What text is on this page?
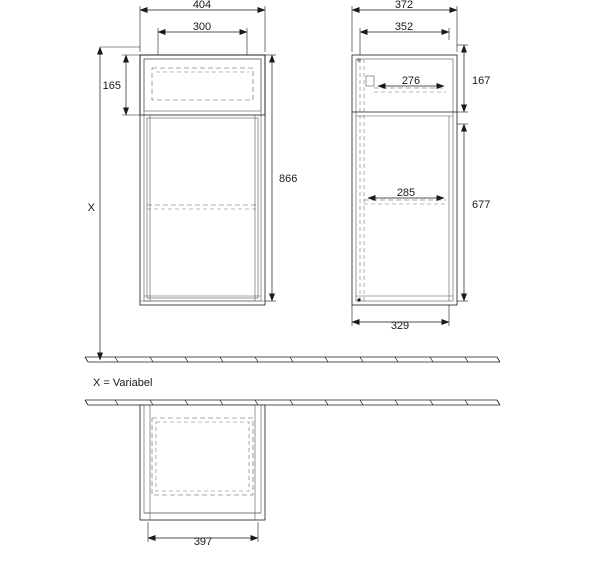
404
300
165
866
X
372
352
276
285
167
677
329
X = Variabel
397
